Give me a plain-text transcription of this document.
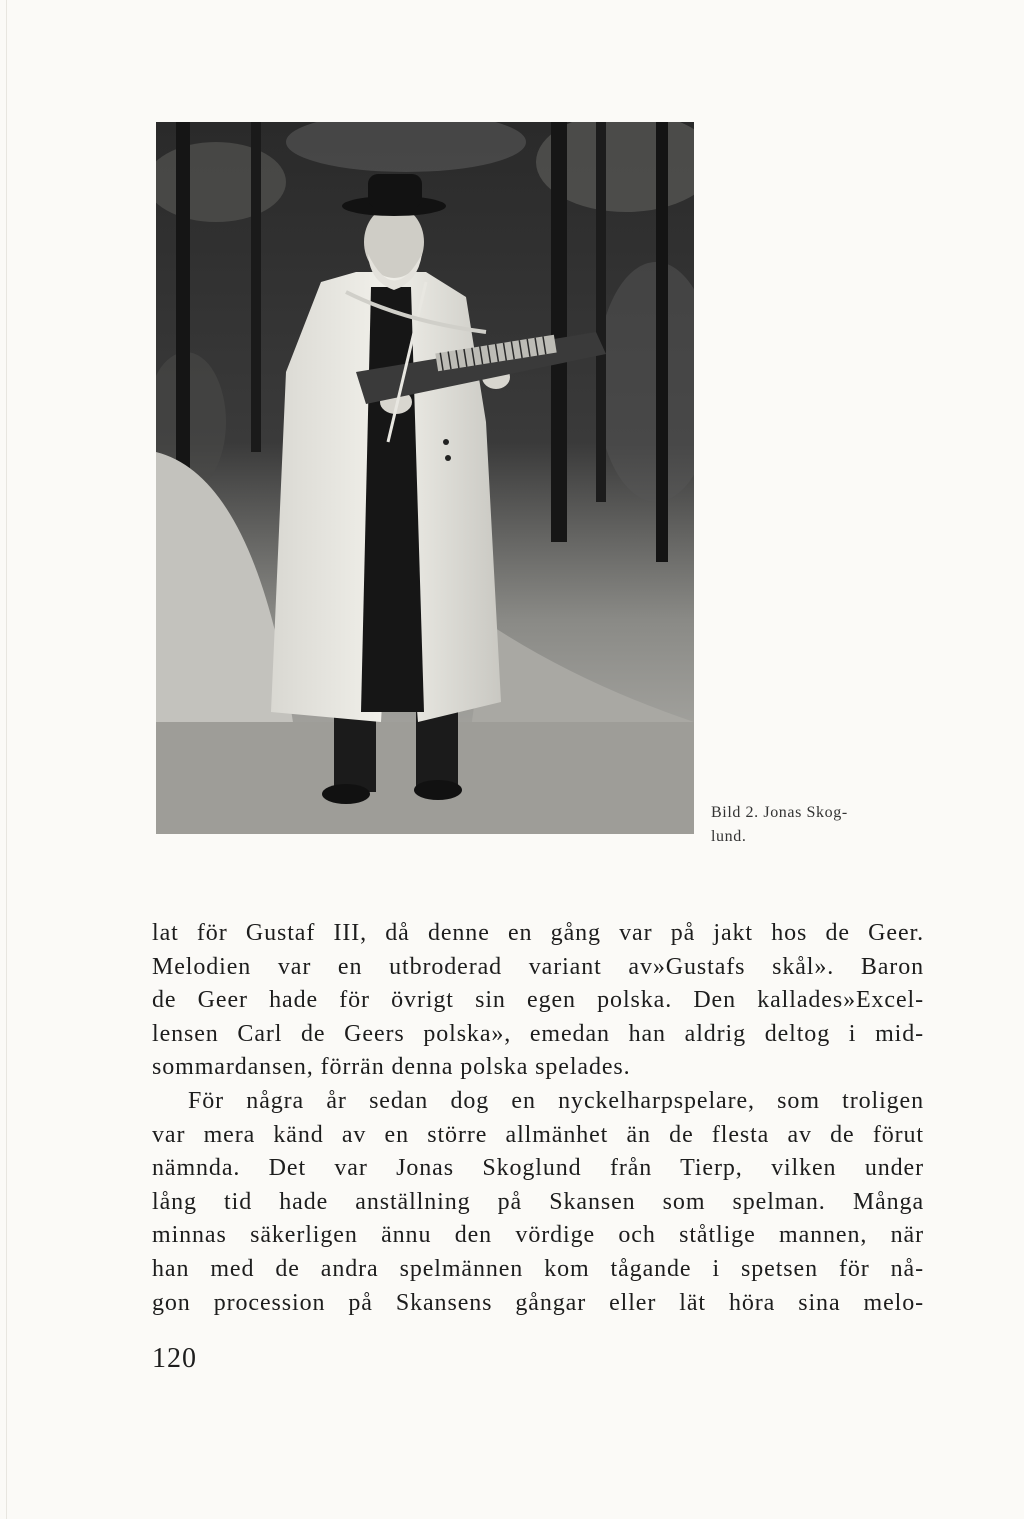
Bild 2. Jonas Skog-
lund.
lat för Gustaf III, då denne en gång var på jakt hos de Geer.
Melodien var en utbroderad variant av»Gustafs skål». Baron
de Geer hade för övrigt sin egen polska. Den kallades»Excel-
lensen Carl de Geers polska», emedan han aldrig deltog i mid-
sommardansen, förrän denna polska spelades.
För några år sedan dog en nyckelharpspelare, som troligen
var mera känd av en större allmänhet än de flesta av de förut
nämnda. Det var Jonas Skoglund från Tierp, vilken under
lång tid hade anställning på Skansen som spelman. Många
minnas säkerligen ännu den vördige och ståtlige mannen, när
han med de andra spelmännen kom tågande i spetsen för nå-
gon procession på Skansens gångar eller lät höra sina melo-
120
